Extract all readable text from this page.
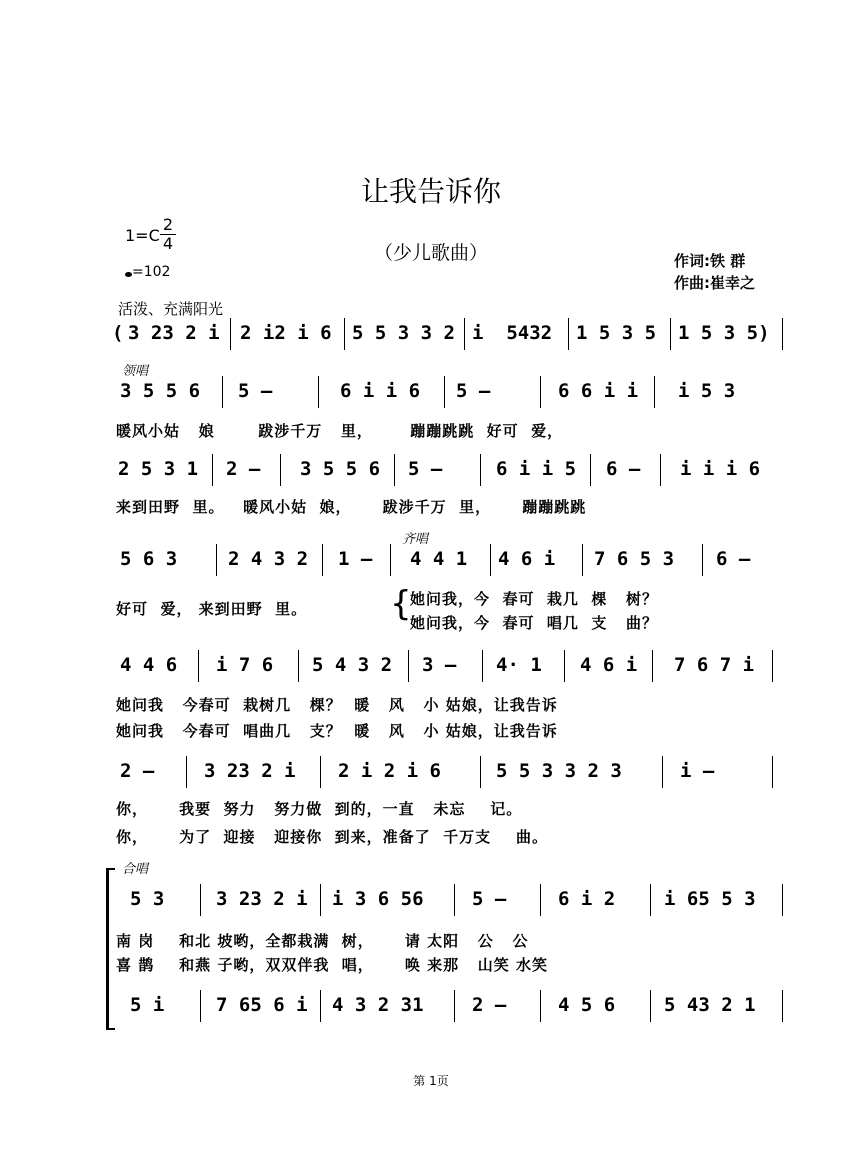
让我告诉你
（少儿歌曲）
1=C
2
4
=102
作词:铁 群
作曲:崔幸之
活泼、充满阳光
( 3 23 2 i 2 i2 i 6 5 5 3 3 2 i  5432 1 5 3 5 1 5 3 5)
领唱
3 5 5 6 5 –	6 i i 6 5 –	6 6 i i i 5 3
暖风小姑   娘       跋涉千万   里，      蹦蹦跳跳  好可  爱，
2 5 3 1 2 – 3 5 5 6 5 –	6 i i 5 6 – i i i 6
来到田野  里。   暖风小姑  娘，     跋涉千万  里，     蹦蹦跳跳
齐唱
5 6 3	2 4 3 2 1 – 4 4 1 4 6 i 7 6 5 3 6 –
好可  爱， 来到田野  里。 {
她问我，今  春可  栽几  棵   树？
她问我，今  春可  唱几  支   曲？
4 4 6 i 7 6 5 4 3 2 3 – 4· 1 4 6 i 7 6 7 i
她问我   今春可  栽树几   棵？  暖   风   小 姑娘，让我告诉
她问我   今春可  唱曲几   支？  暖   风   小 姑娘，让我告诉
2 –	3 23 2 i 2 i 2 i 6	5 5 3 3 2 3	i –
你，     我要  努力   努力做  到的，一直   未忘    记。
你，     为了  迎接   迎接你  到来，准备了  千万支    曲。
合唱
5 3	3 23 2 i i 3 6 56	5 –	6 i 2	i 65 5 3
南 岗    和北 坡哟，全都栽满  树，     请 太阳   公   公
喜 鹊    和燕 子哟，双双伴我  唱，     唤 来那   山笑 水笑
5 i	7 65 6 i 4 3 2 31	2 –	4 5 6	5 43 2 1
第 1页
